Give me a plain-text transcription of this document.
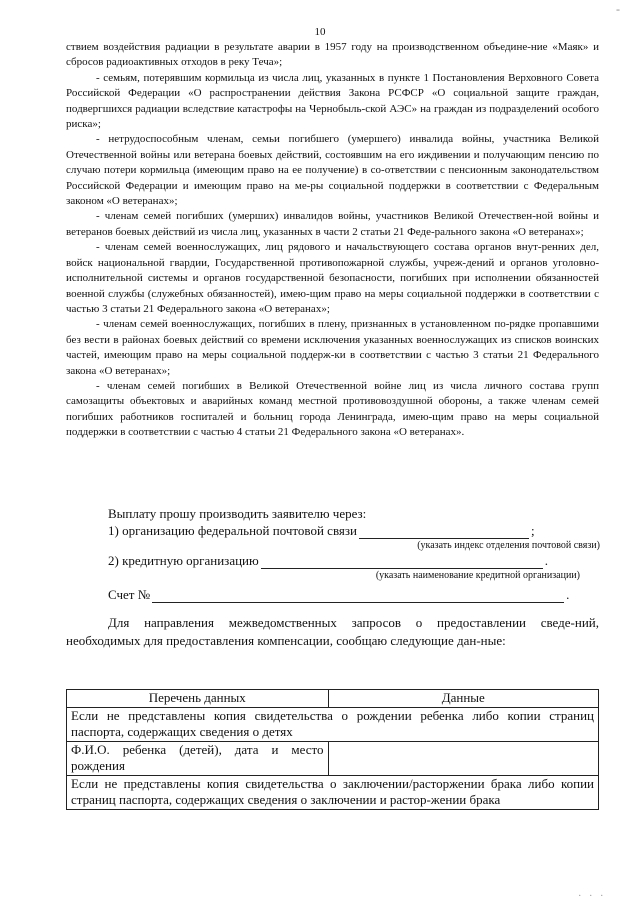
-
10

ствием воздействия радиации в результате аварии в 1957 году на производственном объедине-ние «Маяк» и сбросов радиоактивных отходов в реку Теча»;

- семьям, потерявшим кормильца из числа лиц, указанных в пункте 1 Постановления Верховного Совета Российской Федерации «О распространении действия Закона РСФСР «О социальной защите граждан, подвергшихся радиации вследствие катастрофы на Чернобыль-ской АЭС» на граждан из подразделений особого риска»;

- нетрудоспособным членам, семьи погибшего (умершего) инвалида войны, участника Великой Отечественной войны или ветерана боевых действий, состоявшим на его иждивении и получающим пенсию по случаю потери кормильца (имеющим право на ее получение) в со-ответствии с пенсионным законодательством Российской Федерации и имеющим право на ме-ры социальной поддержки в соответствии с Федеральным законом «О ветеранах»;

- членам семей погибших (умерших) инвалидов войны, участников Великой Отечествен-ной войны и ветеранов боевых действий из числа лиц, указанных в части 2 статьи 21 Феде-рального закона «О ветеранах»;

- членам семей военнослужащих, лиц рядового и начальствующего состава органов внут-ренних дел, войск национальной гвардии, Государственной противопожарной службы, учреж-дений и органов уголовно-исполнительной системы и органов государственной безопасности, погибших при исполнении обязанностей военной службы (служебных обязанностей), имею-щим право на меры социальной поддержки в соответствии с частью 3 статьи 21 Федерального закона «О ветеранах»;

- членам семей военнослужащих, погибших в плену, признанных в установленном по-рядке пропавшими без вести в районах боевых действий со времени исключения указанных военнослужащих из списков воинских частей, имеющим право на меры социальной поддерж-ки в соответствии с частью 3 статьи 21 Федерального закона «О ветеранах»;

- членам семей погибших в Великой Отечественной войне лиц из числа личного состава групп самозащиты объектовых и аварийных команд местной противовоздушной обороны, а также членам семей погибших работников госпиталей и больниц города Ленинграда, имею-щим право на меры социальной поддержки в соответствии с частью 4 статьи 21 Федерального закона «О ветеранах».

Выплату прошу производить заявителю через:
1) организацию федеральной почтовой связи	;
(указать индекс отделения почтовой связи)
2) кредитную организацию	.
(указать наименование кредитной организации)
Счет №	.

Для направления межведомственных запросов о предоставлении сведе-ний, необходимых для предоставления компенсации, сообщаю следующие дан-ные:

Перечень данных	Данные
Если не представлены копия свидетельства о рождении ребенка либо копии страниц паспорта, содержащих сведения о детях	
Ф.И.О. ребенка (детей), дата и место рождения	
Если не представлены копия свидетельства о заключении/расторжении брака либо копии страниц паспорта, содержащих сведения о заключении и растор-жении брака	
. . .
